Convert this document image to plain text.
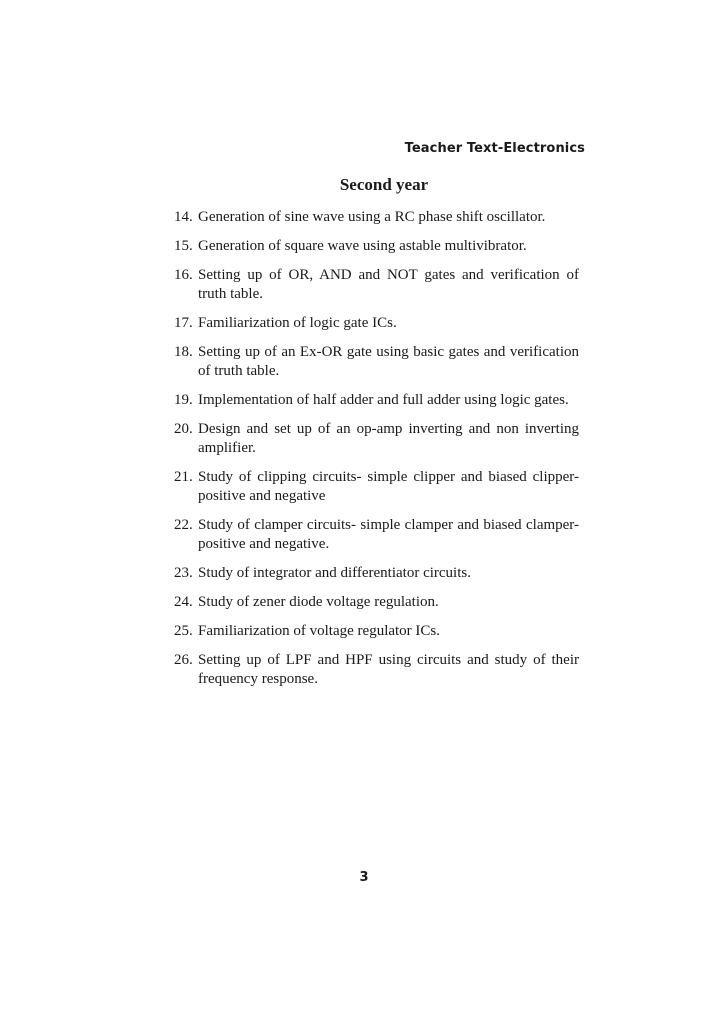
Teacher Text-Electronics
Second year
14. Generation of sine wave using a RC phase shift oscillator.
15. Generation of square wave using astable multivibrator.
16. Setting up of OR, AND and NOT gates and verification of truth table.
17. Familiarization of logic gate ICs.
18. Setting up of an Ex-OR gate using basic gates and verification of truth table.
19. Implementation of half adder and full adder using logic gates.
20. Design and set up of an op-amp inverting and non inverting amplifier.
21. Study of clipping circuits- simple clipper and biased clipper- positive and negative
22. Study of clamper circuits- simple clamper and biased clamper- positive and negative.
23. Study of integrator and differentiator circuits.
24. Study of zener diode voltage regulation.
25. Familiarization of voltage regulator ICs.
26. Setting up of LPF and HPF using circuits and study of their frequency response.
3
